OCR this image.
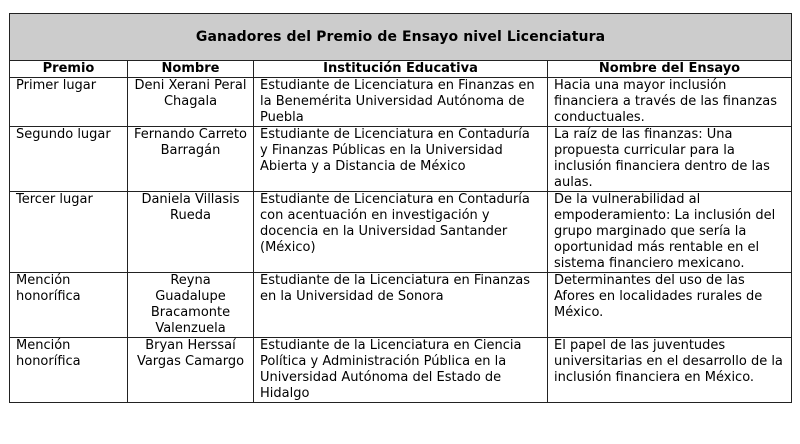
Ganadores del Premio de Ensayo nivel Licenciatura			
Premio	Nombre	Institución Educativa	Nombre del Ensayo
Primer lugar	Deni Xerani Peral Chagala	Estudiante de Licenciatura en Finanzas en la Benemérita Universidad Autónoma de Puebla	Hacia una mayor inclusión financiera a través de las finanzas conductuales.
Segundo lugar	Fernando Carreto Barragán	Estudiante de Licenciatura en Contaduría y Finanzas Públicas en la Universidad Abierta y a Distancia de México	La raíz de las finanzas: Una propuesta curricular para la inclusión financiera dentro de las aulas.
Tercer lugar	Daniela Villasis Rueda	Estudiante de Licenciatura en Contaduría con acentuación en investigación y docencia en la Universidad Santander (México)	De la vulnerabilidad al empoderamiento: La inclusión del grupo marginado que sería la oportunidad más rentable en el sistema financiero mexicano.
Mención honorífica	Reyna Guadalupe Bracamonte Valenzuela	Estudiante de la Licenciatura en Finanzas en la Universidad de Sonora	Determinantes del uso de las Afores en localidades rurales de México.
Mención honorífica	Bryan Herssaí Vargas Camargo	Estudiante de la Licenciatura en Ciencia Política y Administración Pública en la Universidad Autónoma del Estado de Hidalgo	El papel de las juventudes universitarias en el desarrollo de la inclusión financiera en México.
